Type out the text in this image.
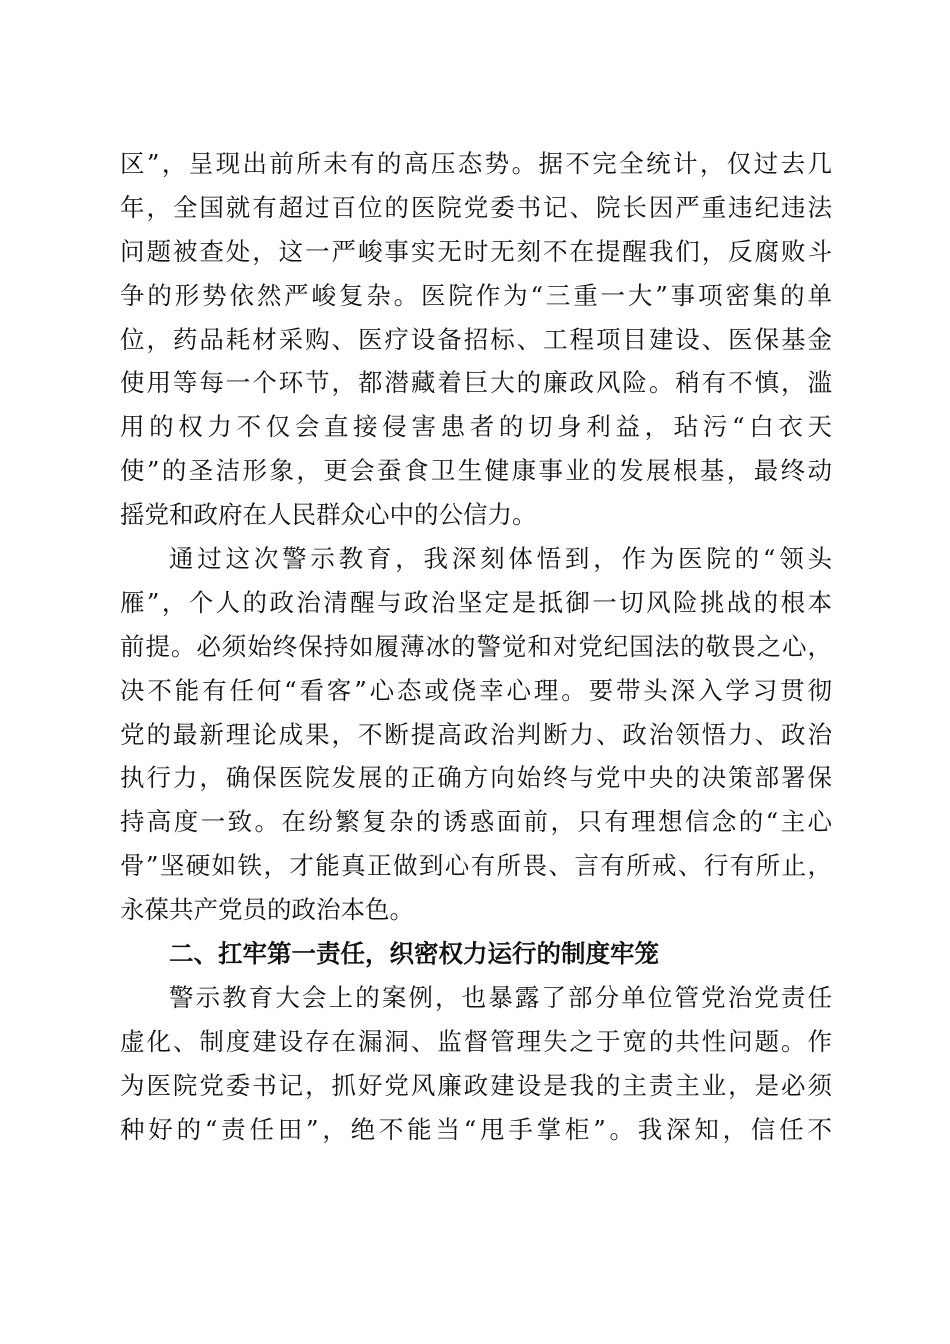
区”，呈现出前所未有的高压态势。据不完全统计，仅过去几
年，全国就有超过百位的医院党委书记、院长因严重违纪违法
问题被查处，这一严峻事实无时无刻不在提醒我们，反腐败斗
争的形势依然严峻复杂。医院作为“三重一大”事项密集的单
位，药品耗材采购、医疗设备招标、工程项目建设、医保基金
使用等每一个环节，都潜藏着巨大的廉政风险。稍有不慎，滥
用的权力不仅会直接侵害患者的切身利益，玷污“白衣天
使”的圣洁形象，更会蚕食卫生健康事业的发展根基，最终动
摇党和政府在人民群众心中的公信力。
通过这次警示教育，我深刻体悟到，作为医院的“领头
雁”，个人的政治清醒与政治坚定是抵御一切风险挑战的根本
前提。必须始终保持如履薄冰的警觉和对党纪国法的敬畏之心，
决不能有任何“看客”心态或侥幸心理。要带头深入学习贯彻
党的最新理论成果，不断提高政治判断力、政治领悟力、政治
执行力，确保医院发展的正确方向始终与党中央的决策部署保
持高度一致。在纷繁复杂的诱惑面前，只有理想信念的“主心
骨”坚硬如铁，才能真正做到心有所畏、言有所戒、行有所止，
永葆共产党员的政治本色。
二、扛牢第一责任，织密权力运行的制度牢笼
警示教育大会上的案例，也暴露了部分单位管党治党责任
虚化、制度建设存在漏洞、监督管理失之于宽的共性问题。作
为医院党委书记，抓好党风廉政建设是我的主责主业，是必须
种好的“责任田”，绝不能当“甩手掌柜”。我深知，信任不
